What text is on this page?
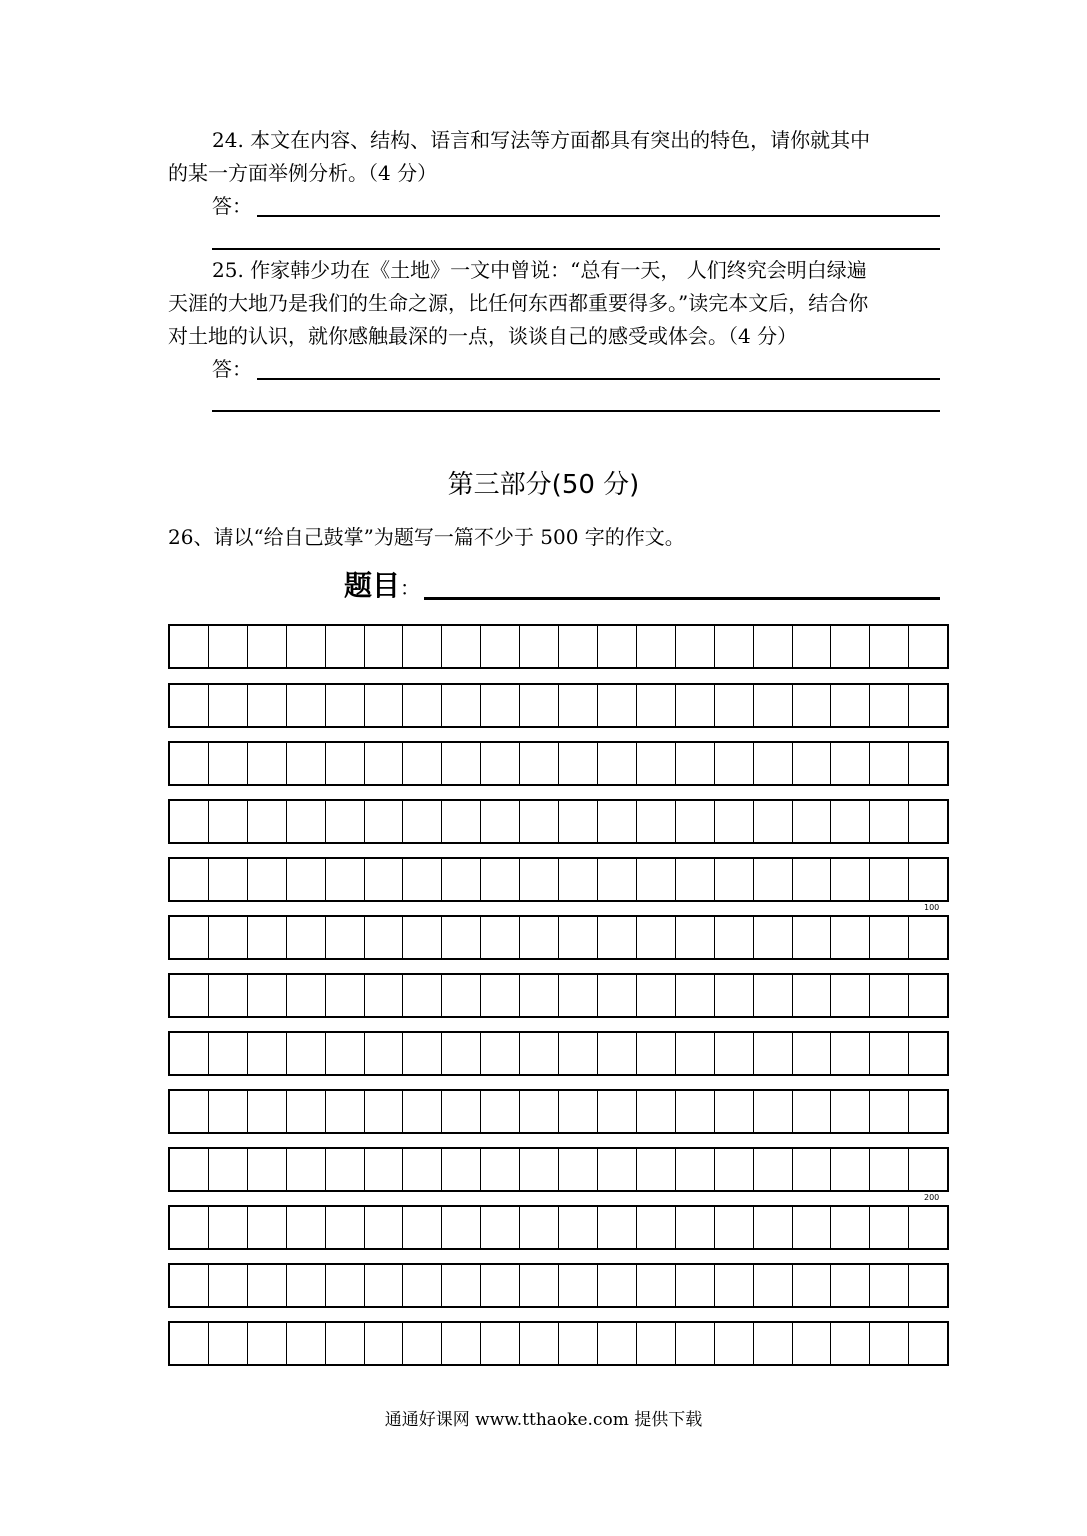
24. 本文在内容、结构、语言和写法等方面都具有突出的特色，请你就其中
的某一方面举例分析。（4 分）
答：
25. 作家韩少功在《土地》一文中曾说：“总有一天， 人们终究会明白绿遍
天涯的大地乃是我们的生命之源，比任何东西都重要得多。”读完本文后，结合你
对土地的认识，就你感触最深的一点，谈谈自己的感受或体会。（4 分）
答：
第三部分(50 分)
26、请以“给自己鼓掌”为题写一篇不少于 500 字的作文。
题目：
100
200
通通好课网 www.tthaoke.com 提供下载
